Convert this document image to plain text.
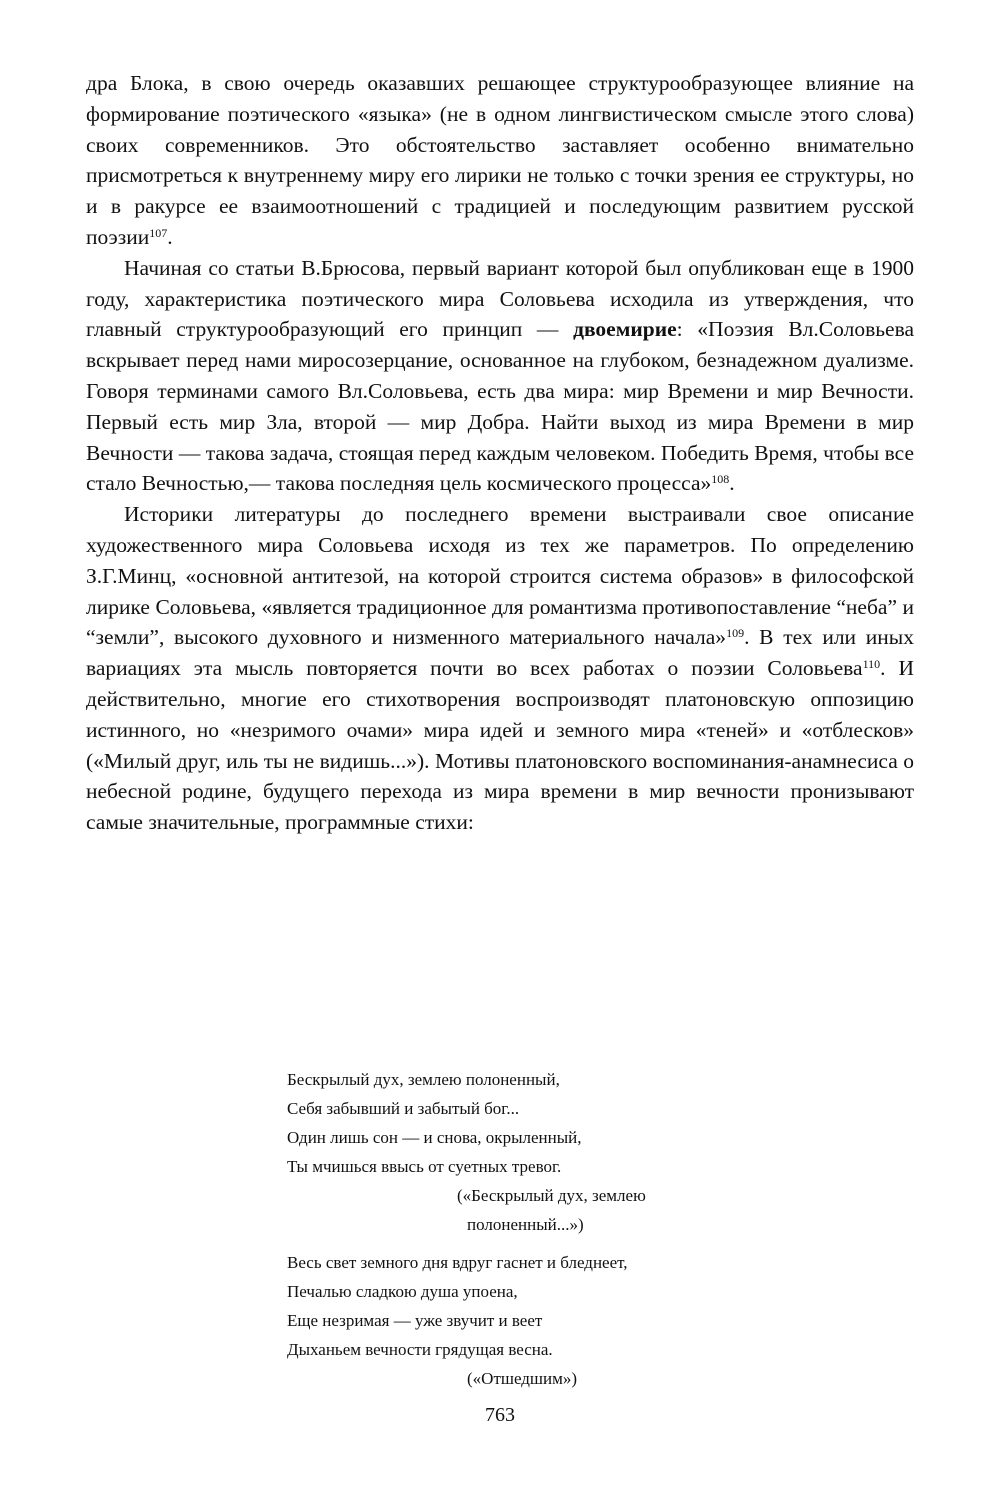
дра Блока, в свою очередь оказавших решающее структурообразующее влияние на формирование поэтического «языка» (не в одном лингвистическом смысле этого слова) своих современников. Это обстоятельство заставляет особенно внимательно присмотреться к внутреннему миру его лирики не только с точки зрения ее структуры, но и в ракурсе ее взаимоотношений с традицией и последующим развитием русской поэзии$^{107}$.

Начиная со статьи В.Брюсова, первый вариант которой был опубликован еще в 1900 году, характеристика поэтического мира Соловьева исходила из утверждения, что главный структурообразующий его принцип — двоемирие: «Поэзия Вл.Соловьева вскрывает перед нами миросозерцание, основанное на глубоком, безнадежном дуализме. Говоря терминами самого Вл.Соловьева, есть два мира: мир Времени и мир Вечности. Первый есть мир Зла, второй — мир Добра. Найти выход из мира Времени в мир Вечности — такова задача, стоящая перед каждым человеком. Победить Время, чтобы все стало Вечностью,— такова последняя цель космического процесса»$^{108}$.

Историки литературы до последнего времени выстраивали свое описание художественного мира Соловьева исходя из тех же параметров. По определению З.Г.Минц, «основной антитезой, на которой строится система образов» в философской лирике Соловьева, «является традиционное для романтизма противопоставление “неба” и “земли”, высокого духовного и низменного материального начала»$^{109}$. В тех или иных вариациях эта мысль повторяется почти во всех работах о поэзии Соловьева$^{110}$. И действительно, многие его стихотворения воспроизводят платоновскую оппозицию истинного, но «незримого очами» мира идей и земного мира «теней» и «отблесков» («Милый друг, иль ты не видишь...»). Мотивы платоновского воспоминания-анамнесиса о небесной родине, будущего перехода из мира времени в мир вечности пронизывают самые значительные, программные стихи:

Бескрылый дух, землею полоненный,
Себя забывший и забытый бог...
Один лишь сон — и снова, окрыленный,
Ты мчишься ввысь от суетных тревог.
(«Бескрылый дух, землею
полоненный...»)
Весь свет земного дня вдруг гаснет и бледнеет,
Печалью сладкою душа упоена,
Еще незримая — уже звучит и веет
Дыханьем вечности грядущая весна.
(«Отшедшим»)
763
